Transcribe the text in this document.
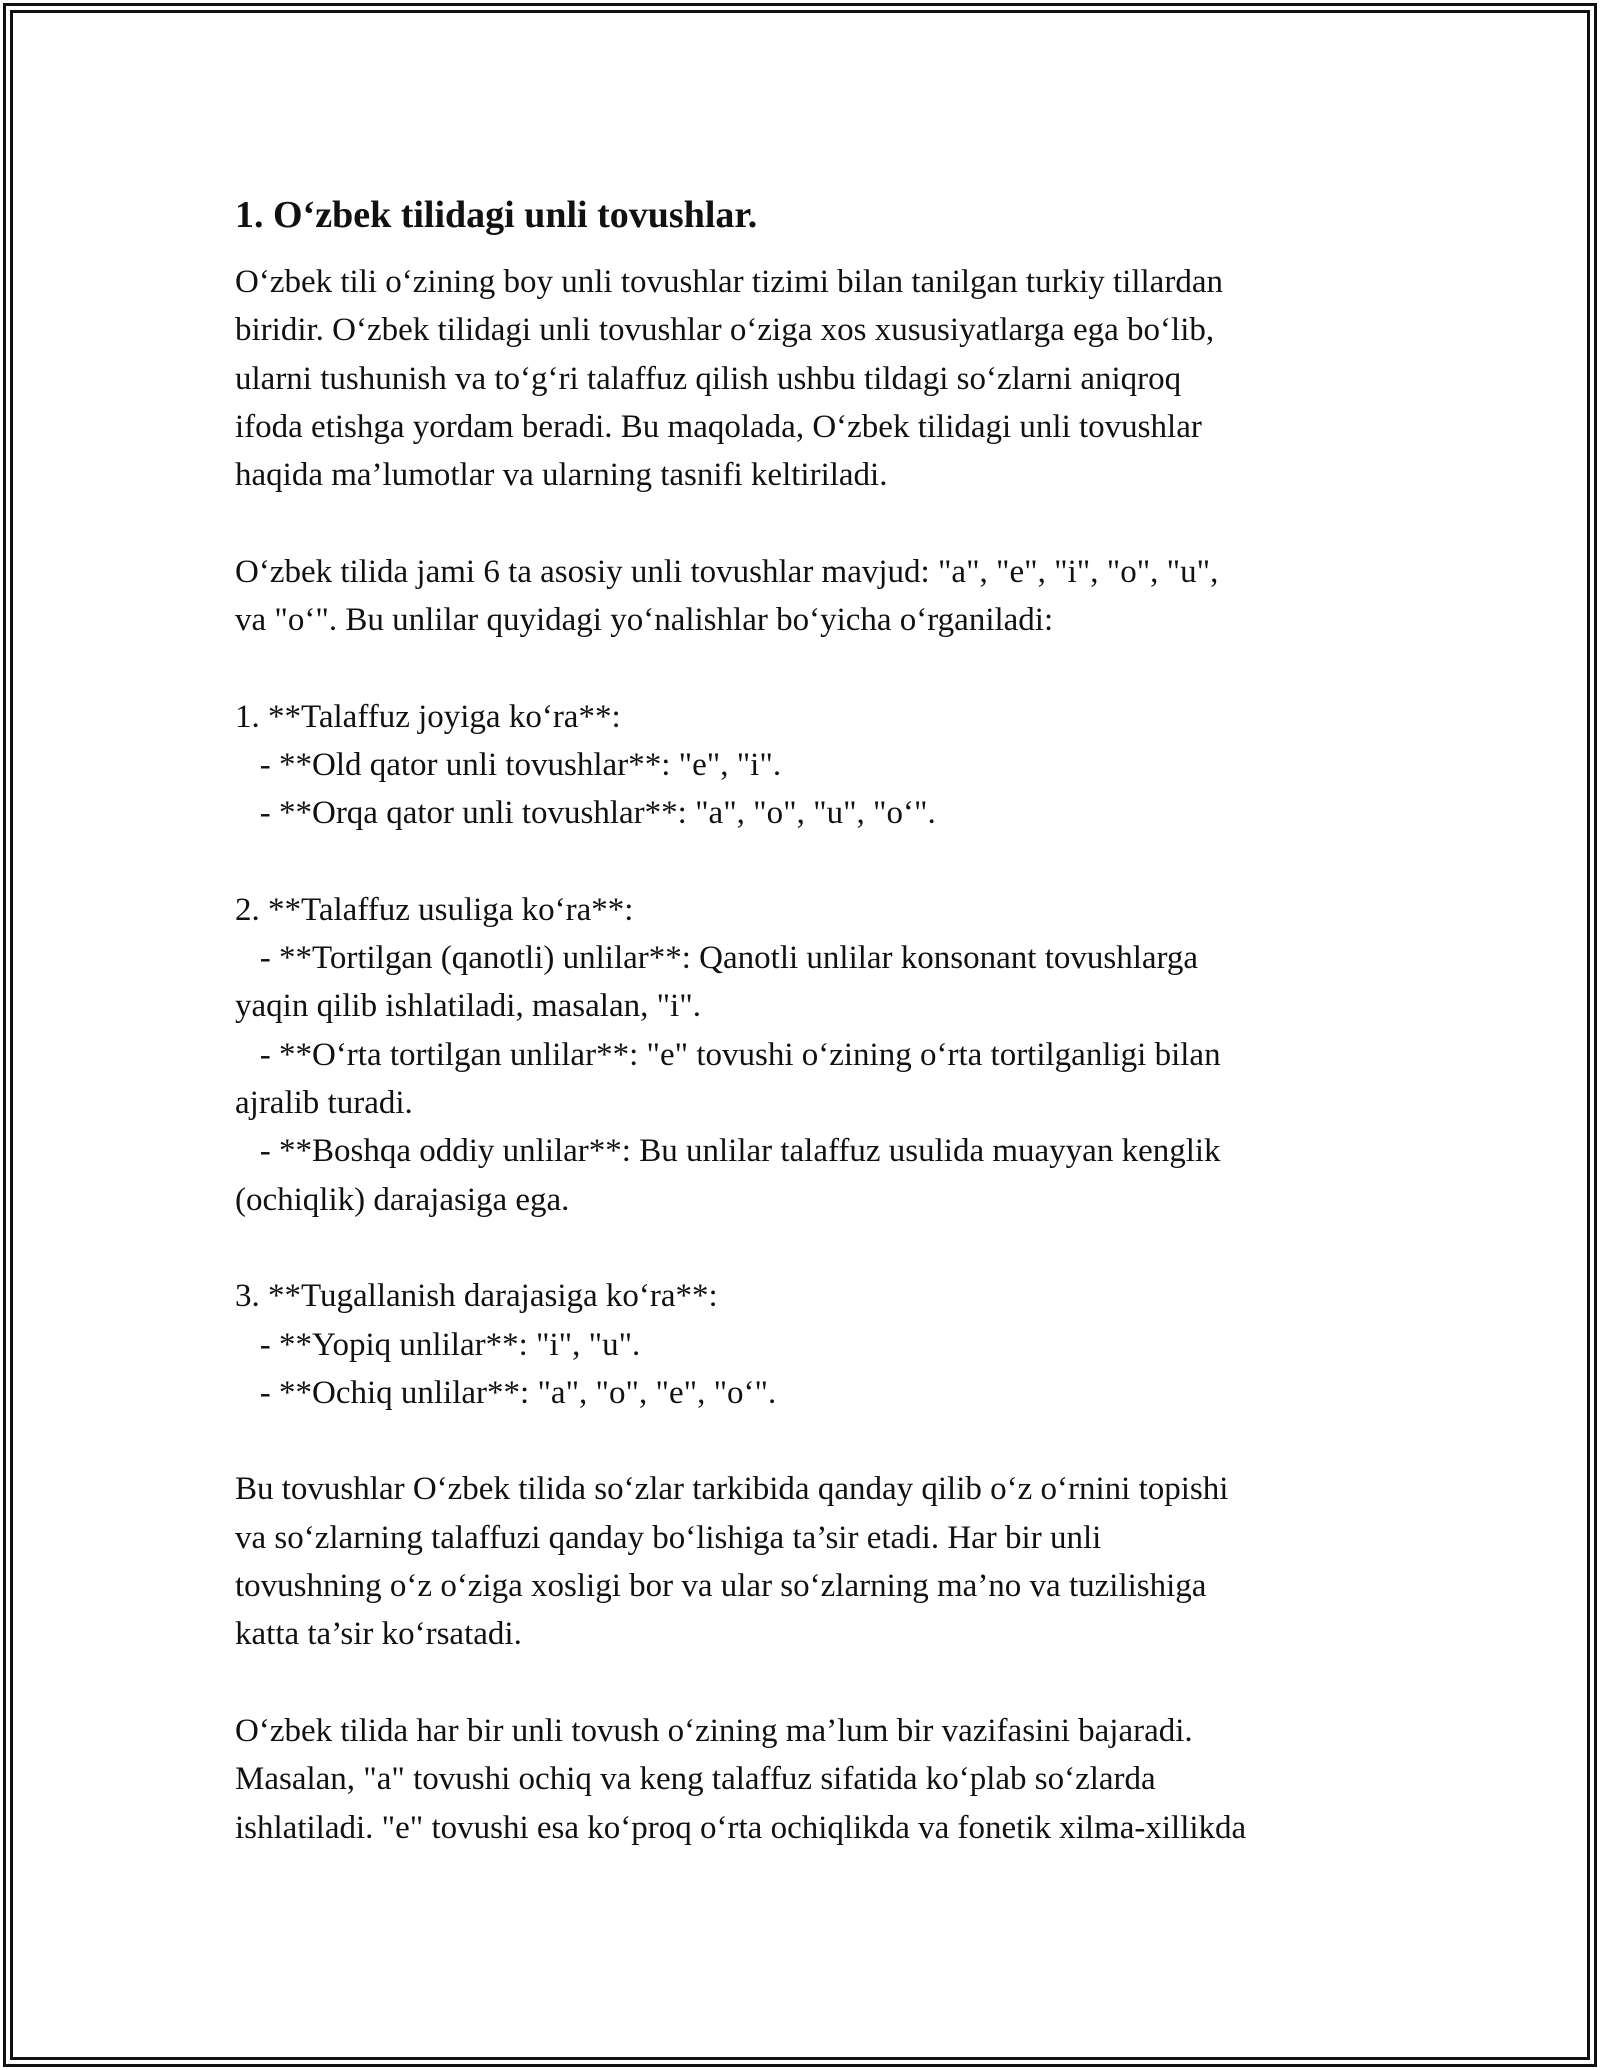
1. O‘zbek tilidagi unli tovushlar.

O‘zbek tili o‘zining boy unli tovushlar tizimi bilan tanilgan turkiy tillardan
biridir. O‘zbek tilidagi unli tovushlar o‘ziga xos xususiyatlarga ega bo‘lib,
ularni tushunish va to‘g‘ri talaffuz qilish ushbu tildagi so‘zlarni aniqroq
ifoda etishga yordam beradi. Bu maqolada, O‘zbek tilidagi unli tovushlar
haqida ma’lumotlar va ularning tasnifi keltiriladi.

O‘zbek tilida jami 6 ta asosiy unli tovushlar mavjud: "a", "e", "i", "o", "u",
va "o‘". Bu unlilar quyidagi yo‘nalishlar bo‘yicha o‘rganiladi:

1. **Talaffuz joyiga ko‘ra**:
- **Old qator unli tovushlar**: "e", "i".
- **Orqa qator unli tovushlar**: "a", "o", "u", "o‘".

2. **Talaffuz usuliga ko‘ra**:
- **Tortilgan (qanotli) unlilar**: Qanotli unlilar konsonant tovushlarga
yaqin qilib ishlatiladi, masalan, "i".
- **O‘rta tortilgan unlilar**: "e" tovushi o‘zining o‘rta tortilganligi bilan
ajralib turadi.
- **Boshqa oddiy unlilar**: Bu unlilar talaffuz usulida muayyan kenglik
(ochiqlik) darajasiga ega.

3. **Tugallanish darajasiga ko‘ra**:
- **Yopiq unlilar**: "i", "u".
- **Ochiq unlilar**: "a", "o", "e", "o‘".

Bu tovushlar O‘zbek tilida so‘zlar tarkibida qanday qilib o‘z o‘rnini topishi
va so‘zlarning talaffuzi qanday bo‘lishiga ta’sir etadi. Har bir unli
tovushning o‘z o‘ziga xosligi bor va ular so‘zlarning ma’no va tuzilishiga
katta ta’sir ko‘rsatadi.

O‘zbek tilida har bir unli tovush o‘zining ma’lum bir vazifasini bajaradi.
Masalan, "a" tovushi ochiq va keng talaffuz sifatida ko‘plab so‘zlarda
ishlatiladi. "e" tovushi esa ko‘proq o‘rta ochiqlikda va fonetik xilma-xillikda
